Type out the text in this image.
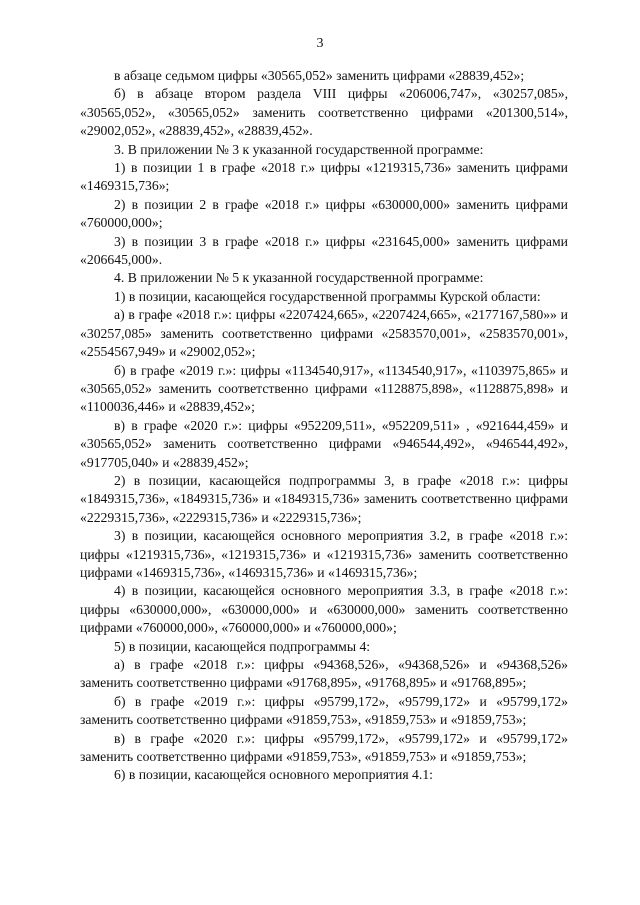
3

в абзаце седьмом цифры «30565,052» заменить цифрами «28839,452»;

б) в абзаце втором раздела VIII цифры «206006,747», «30257,085», «30565,052», «30565,052» заменить соответственно цифрами «201300,514», «29002,052», «28839,452», «28839,452».

3. В приложении № 3 к указанной государственной программе:

1) в позиции 1 в графе «2018 г.» цифры «1219315,736» заменить цифрами «1469315,736»;

2) в позиции 2 в графе «2018 г.» цифры «630000,000» заменить цифрами «760000,000»;

3) в позиции 3 в графе «2018 г.» цифры «231645,000» заменить цифрами «206645,000».

4. В приложении № 5 к указанной государственной программе:

1) в позиции, касающейся государственной программы Курской области:

а) в графе «2018 г.»: цифры «2207424,665», «2207424,665», «2177167,580»» и «30257,085» заменить соответственно цифрами «2583570,001», «2583570,001», «2554567,949» и «29002,052»;

б) в графе «2019 г.»: цифры «1134540,917», «1134540,917», «1103975,865» и «30565,052» заменить соответственно цифрами «1128875,898», «1128875,898» и «1100036,446» и «28839,452»;

в) в графе «2020 г.»: цифры «952209,511», «952209,511» , «921644,459» и «30565,052» заменить соответственно цифрами «946544,492», «946544,492», «917705,040» и «28839,452»;

2) в позиции, касающейся подпрограммы 3, в графе «2018 г.»: цифры «1849315,736», «1849315,736» и «1849315,736» заменить соответственно цифрами «2229315,736», «2229315,736» и «2229315,736»;

3) в позиции, касающейся основного мероприятия 3.2, в графе «2018 г.»: цифры «1219315,736», «1219315,736» и «1219315,736» заменить соответственно цифрами «1469315,736», «1469315,736» и «1469315,736»;

4) в позиции, касающейся основного мероприятия 3.3, в графе «2018 г.»: цифры «630000,000», «630000,000» и «630000,000» заменить соответственно цифрами «760000,000», «760000,000» и «760000,000»;

5) в позиции, касающейся подпрограммы 4:

а) в графе «2018 г.»: цифры «94368,526», «94368,526» и «94368,526» заменить соответственно цифрами «91768,895», «91768,895» и «91768,895»;

б) в графе «2019 г.»: цифры «95799,172», «95799,172» и «95799,172» заменить соответственно цифрами «91859,753», «91859,753» и «91859,753»;

в) в графе «2020 г.»: цифры «95799,172», «95799,172» и «95799,172» заменить соответственно цифрами «91859,753», «91859,753» и «91859,753»;

6) в позиции, касающейся основного мероприятия 4.1:
